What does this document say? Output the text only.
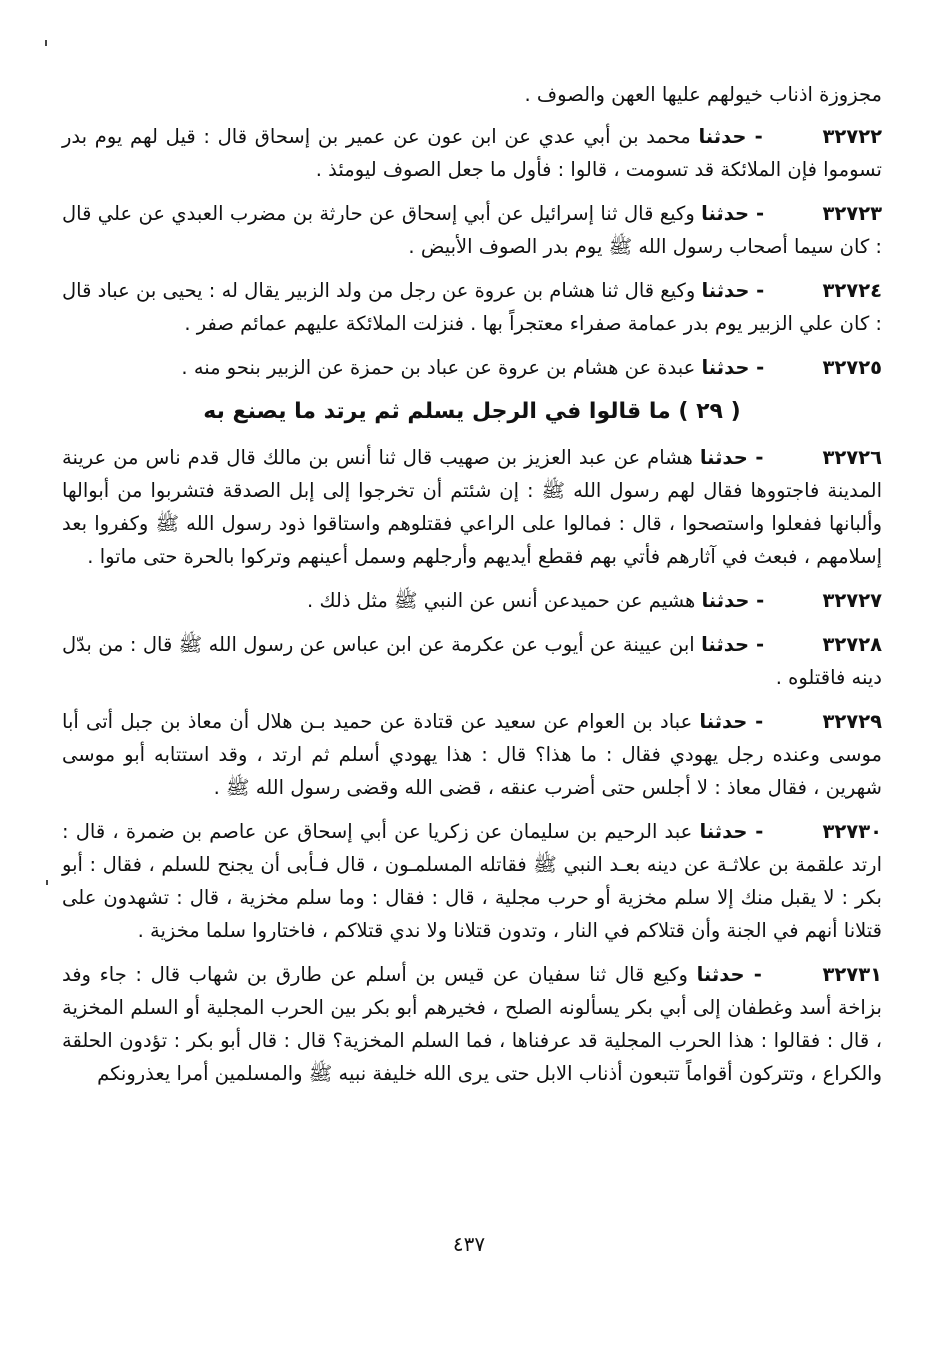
مجزوزة اذناب خيولهم عليها العهن والصوف .

٣٢٧٢٢ - حدثنا محمد بن أبي عدي عن ابن عون عن عمير بن إسحاق قال : قيل لهم يوم بدر تسوموا فإن الملائكة قد تسومت ، قالوا : فأول ما جعل الصوف ليومئذ .

٣٢٧٢٣ - حدثنا وكيع قال ثنا إسرائيل عن أبي إسحاق عن حارثة بن مضرب العبدي عن علي قال : كان سيما أصحاب رسول الله ﷺ يوم بدر الصوف الأبيض .

٣٢٧٢٤ - حدثنا وكيع قال ثنا هشام بن عروة عن رجل من ولد الزبير يقال له : يحيى بن عباد قال : كان علي الزبير يوم بدر عمامة صفراء معتجراً بها . فنزلت الملائكة عليهم عمائم صفر .

٣٢٧٢٥ - حدثنا عبدة عن هشام بن عروة عن عباد بن حمزة عن الزبير بنحو منه .

( ٢٩ ) ما قالوا في الرجل يسلم ثم يرتد ما يصنع به

٣٢٧٢٦ - حدثنا هشام عن عبد العزيز بن صهيب قال ثنا أنس بن مالك قال قدم ناس من عرينة المدينة فاجتووها فقال لهم رسول الله ﷺ : إن شئتم أن تخرجوا إلى إبل الصدقة فتشربوا من أبوالها وألبانها ففعلوا واستصحوا ، قال : فمالوا على الراعي فقتلوهم واستاقوا ذود رسول الله ﷺ وكفروا بعد إسلامهم ، فبعث في آثارهم فأتي بهم فقطع أيديهم وأرجلهم وسمل أعينهم وتركوا بالحرة حتى ماتوا .

٣٢٧٢٧ - حدثنا هشيم عن حميدعن أنس عن النبي ﷺ مثل ذلك .

٣٢٧٢٨ - حدثنا ابن عيينة عن أيوب عن عكرمة عن ابن عباس عن رسول الله ﷺ قال : من بدّل دينه فاقتلوه .

٣٢٧٢٩ - حدثنا عباد بن العوام عن سعيد عن قتادة عن حميد بـن هلال أن معاذ بن جبل أتى أبا موسى وعنده رجل يهودي فقال : ما هذا؟ قال : هذا يهودي أسلم ثم ارتد ، وقد استتابه أبو موسى شهرين ، فقال معاذ : لا أجلس حتى أضرب عنقه ، قضى الله وقضى رسول الله ﷺ .

٣٢٧٣٠ - حدثنا عبد الرحيم بن سليمان عن زكريا عن أبي إسحاق عن عاصم بن ضمرة ، قال : ارتد علقمة بن علاثـة عن دينه بعـد النبي ﷺ فقاتله المسلمـون ، قال فـأبى أن يجنح للسلم ، فقال : أبو بكر : لا يقبل منك إلا سلم مخزية أو حرب مجلية ، قال : فقال : وما سلم مخزية ، قال : تشهدون على قتلانا أنهم في الجنة وأن قتلاكم في النار ، وتدون قتلانا ولا ندي قتلاكم ، فاختاروا سلما مخزية .

٣٢٧٣١ - حدثنا وكيع قال ثنا سفيان عن قيس بن أسلم عن طارق بن شهاب قال : جاء وفد بزاخة أسد وغطفان إلى أبي بكر يسألونه الصلح ، فخيرهم أبو بكر بين الحرب المجلية أو السلم المخزية ، قال : فقالوا : هذا الحرب المجلية قد عرفناها ، فما السلم المخزية؟ قال : قال أبو بكر : تؤدون الحلقة والكراع ، وتتركون أقواماً تتبعون أذناب الابل حتى يرى الله خليفة نبيه ﷺ والمسلمين أمرا يعذرونكم

٤٣٧
